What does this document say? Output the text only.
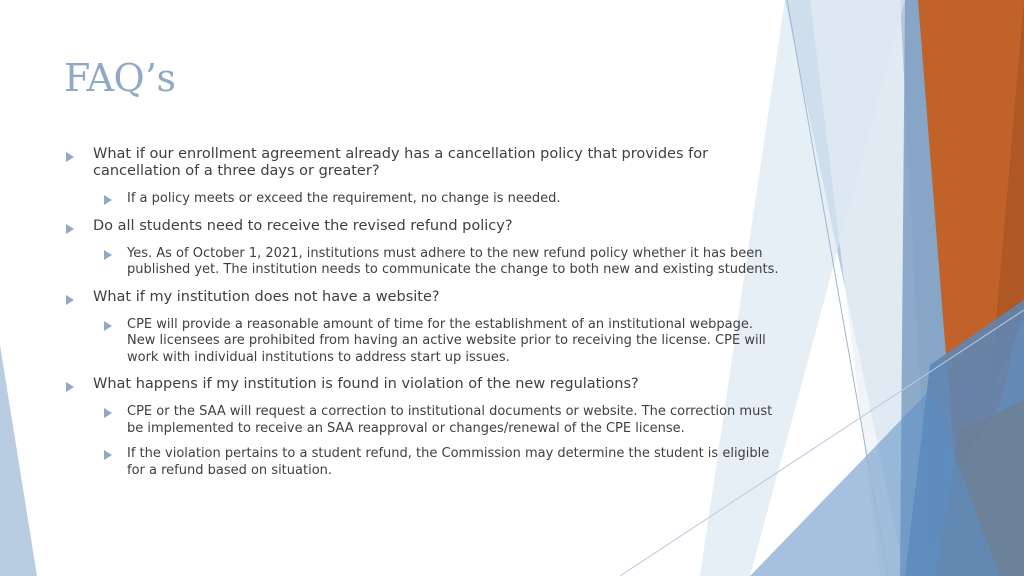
FAQ’s
What if our enrollment agreement already has a cancellation policy that provides for cancellation of a three days or greater?
If a policy meets or exceed the requirement, no change is needed.
Do all students need to receive the revised refund policy?
Yes. As of October 1, 2021, institutions must adhere to the new refund policy whether it has been published yet. The institution needs to communicate the change to both new and existing students.
What if my institution does not have a website?
CPE will provide a reasonable amount of time for the establishment of an institutional webpage. New licensees are prohibited from having an active website prior to receiving the license. CPE will work with individual institutions to address start up issues.
What happens if my institution is found in violation of the new regulations?
CPE or the SAA will request a correction to institutional documents or website. The correction must be implemented to receive an SAA reapproval or changes/renewal of the CPE license.
If the violation pertains to a student refund, the Commission may determine the student is eligible for a refund based on situation.
